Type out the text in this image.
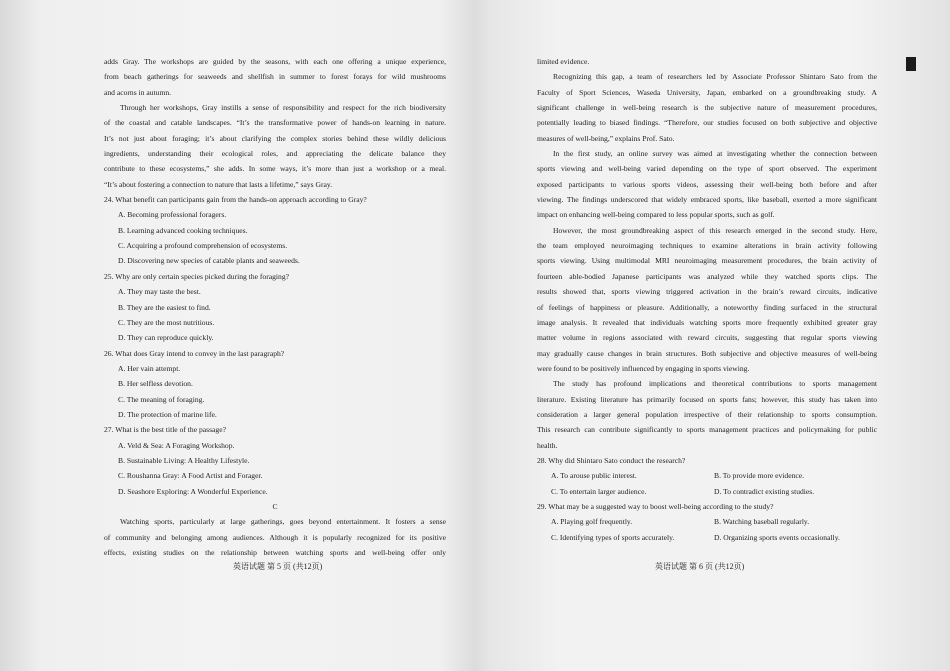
adds Gray. The workshops are guided by the seasons, with each one offering a unique experience,
from beach gatherings for seaweeds and shellfish in summer to forest forays for wild mushrooms
and acorns in autumn.
Through her workshops, Gray instills a sense of responsibility and respect for the rich biodiversity
of the coastal and catable landscapes. “It’s the transformative power of hands-on learning in nature.
It’s not just about foraging; it’s about clarifying the complex stories behind these wildly delicious
ingredients, understanding their ecological roles, and appreciating the delicate balance they
contribute to these ecosystems,” she adds. In some ways, it’s more than just a workshop or a meal.
“It’s about fostering a connection to nature that lasts a lifetime,” says Gray.
24. What benefit can participants gain from the hands-on approach according to Gray?
A. Becoming professional foragers.
B. Learning advanced cooking techniques.
C. Acquiring a profound comprehension of ecosystems.
D. Discovering new species of catable plants and seaweeds.
25. Why are only certain species picked during the foraging?
A. They may taste the best.
B. They are the easiest to find.
C. They are the most nutritious.
D. They can reproduce quickly.
26. What does Gray intend to convey in the last paragraph?
A. Her vain attempt.
B. Her selfless devotion.
C. The meaning of foraging.
D. The protection of marine life.
27. What is the best title of the passage?
A. Veld & Sea: A Foraging Workshop.
B. Sustainable Living: A Healthy Lifestyle.
C. Roushanna Gray: A Food Artist and Forager.
D. Seashore Exploring: A Wonderful Experience.
C
Watching sports, particularly at large gatherings, goes beyond entertainment. It fosters a sense
of community and belonging among audiences. Although it is popularly recognized for its positive
effects, existing studies on the relationship between watching sports and well-being offer only
limited evidence.
Recognizing this gap, a team of researchers led by Associate Professor Shintaro Sato from the
Faculty of Sport Sciences, Waseda University, Japan, embarked on a groundbreaking study. A
significant challenge in well-being research is the subjective nature of measurement procedures,
potentially leading to biased findings. “Therefore, our studies focused on both subjective and objective
measures of well-being,” explains Prof. Sato.
In the first study, an online survey was aimed at investigating whether the connection between
sports viewing and well-being varied depending on the type of sport observed. The experiment
exposed participants to various sports videos, assessing their well-being both before and after
viewing. The findings underscored that widely embraced sports, like baseball, exerted a more significant
impact on enhancing well-being compared to less popular sports, such as golf.
However, the most groundbreaking aspect of this research emerged in the second study. Here,
the team employed neuroimaging techniques to examine alterations in brain activity following
sports viewing. Using multimodal MRI neuroimaging measurement procedures, the brain activity of
fourteen able-bodied Japanese participants was analyzed while they watched sports clips. The
results showed that, sports viewing triggered activation in the brain’s reward circuits, indicative
of feelings of happiness or pleasure. Additionally, a noteworthy finding surfaced in the structural
image analysis. It revealed that individuals watching sports more frequently exhibited greater gray
matter volume in regions associated with reward circuits, suggesting that regular sports viewing
may gradually cause changes in brain structures. Both subjective and objective measures of well-being
were found to be positively influenced by engaging in sports viewing.
The study has profound implications and theoretical contributions to sports management
literature. Existing literature has primarily focused on sports fans; however, this study has taken into
consideration a larger general population irrespective of their relationship to sports consumption.
This research can contribute significantly to sports management practices and policymaking for public
health.
28. Why did Shintaro Sato conduct the research?
A. To arouse public interest.	B. To provide more evidence.
C. To entertain larger audience.	D. To contradict existing studies.
29. What may be a suggested way to boost well-being according to the study?
A. Playing golf frequently.	B. Watching baseball regularly.
C. Identifying types of sports accurately.	D. Organizing sports events occasionally.
英语试题 第 5 页 (共12页)	英语试题 第 6 页 (共12页)
